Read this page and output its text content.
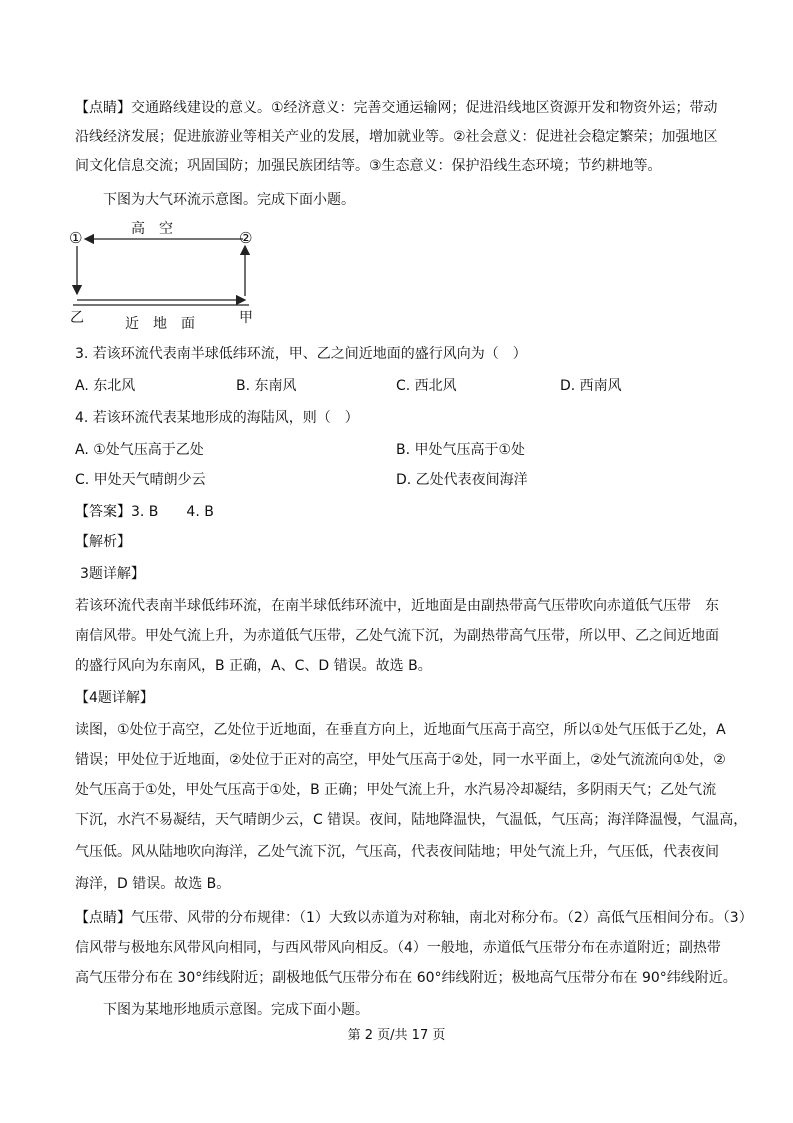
【点睛】交通路线建设的意义。①经济意义：完善交通运输网；促进沿线地区资源开发和物资外运；带动
沿线经济发展；促进旅游业等相关产业的发展，增加就业等。②社会意义：促进社会稳定繁荣；加强地区
间文化信息交流；巩固国防；加强民族团结等。③生态意义：保护沿线生态环境；节约耕地等。
下图为大气环流示意图。完成下面小题。
①	②
高　空
乙	甲
近　地　面
3. 若该环流代表南半球低纬环流，甲、乙之间近地面的盛行风向为（　）
A. 东北风	B. 东南风	C. 西北风	D. 西南风
4. 若该环流代表某地形成的海陆风，则（　）
A. ①处气压高于乙处	B. 甲处气压高于①处
C. 甲处天气晴朗少云	D. 乙处代表夜间海洋
【答案】3. B　　4. B
【解析】
3题详解】
若该环流代表南半球低纬环流，在南半球低纬环流中，近地面是由副热带高气压带吹向赤道低气压带　东
南信风带。甲处气流上升，为赤道低气压带，乙处气流下沉，为副热带高气压带，所以甲、乙之间近地面
的盛行风向为东南风，B 正确，A、C、D 错误。故选 B。
【4题详解】
读图，①处位于高空，乙处位于近地面，在垂直方向上，近地面气压高于高空，所以①处气压低于乙处，A
错误；甲处位于近地面，②处位于正对的高空，甲处气压高于②处，同一水平面上，②处气流流向①处，②
处气压高于①处，甲处气压高于①处，B 正确；甲处气流上升，水汽易冷却凝结，多阴雨天气；乙处气流
下沉，水汽不易凝结，天气晴朗少云，C 错误。夜间，陆地降温快，气温低，气压高；海洋降温慢，气温高，
气压低。风从陆地吹向海洋，乙处气流下沉，气压高，代表夜间陆地；甲处气流上升，气压低，代表夜间
海洋，D 错误。故选 B。
【点睛】气压带、风带的分布规律：（1）大致以赤道为对称轴，南北对称分布。（2）高低气压相间分布。（3）
信风带与极地东风带风向相同，与西风带风向相反。（4）一般地，赤道低气压带分布在赤道附近；副热带
高气压带分布在 30°纬线附近；副极地低气压带分布在 60°纬线附近；极地高气压带分布在 90°纬线附近。
下图为某地形地质示意图。完成下面小题。
第 2 页/共 17 页
